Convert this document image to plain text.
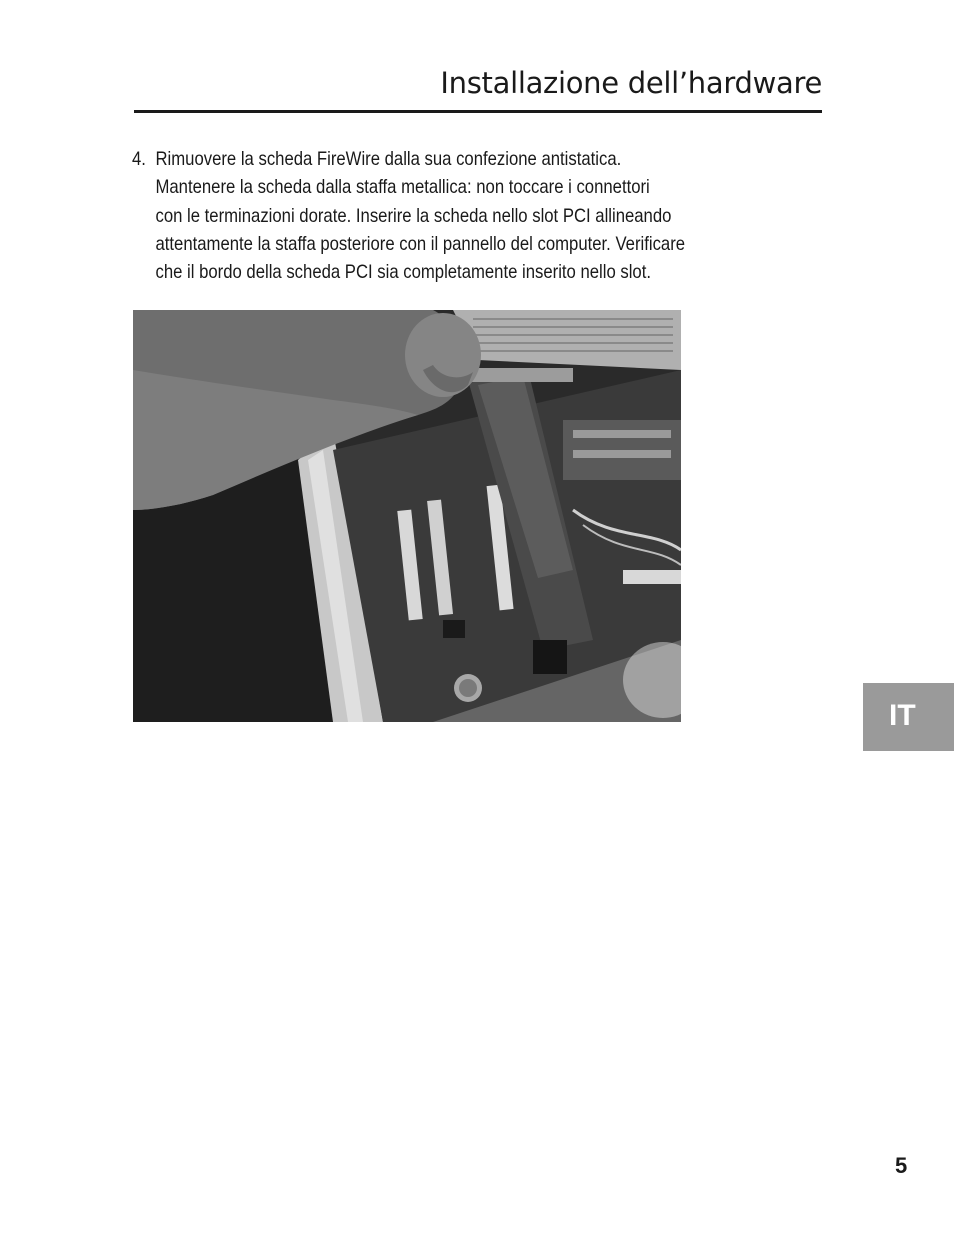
Installazione dell’hardware
4. Rimuovere la scheda FireWire dalla sua confezione antistatica.
Mantenere la scheda dalla staffa metallica: non toccare i connettori
con le terminazioni dorate. Inserire la scheda nello slot PCI allineando
attentamente la staffa posteriore con il pannello del computer. Verificare
che il bordo della scheda PCI sia completamente inserito nello slot.
IT
5
